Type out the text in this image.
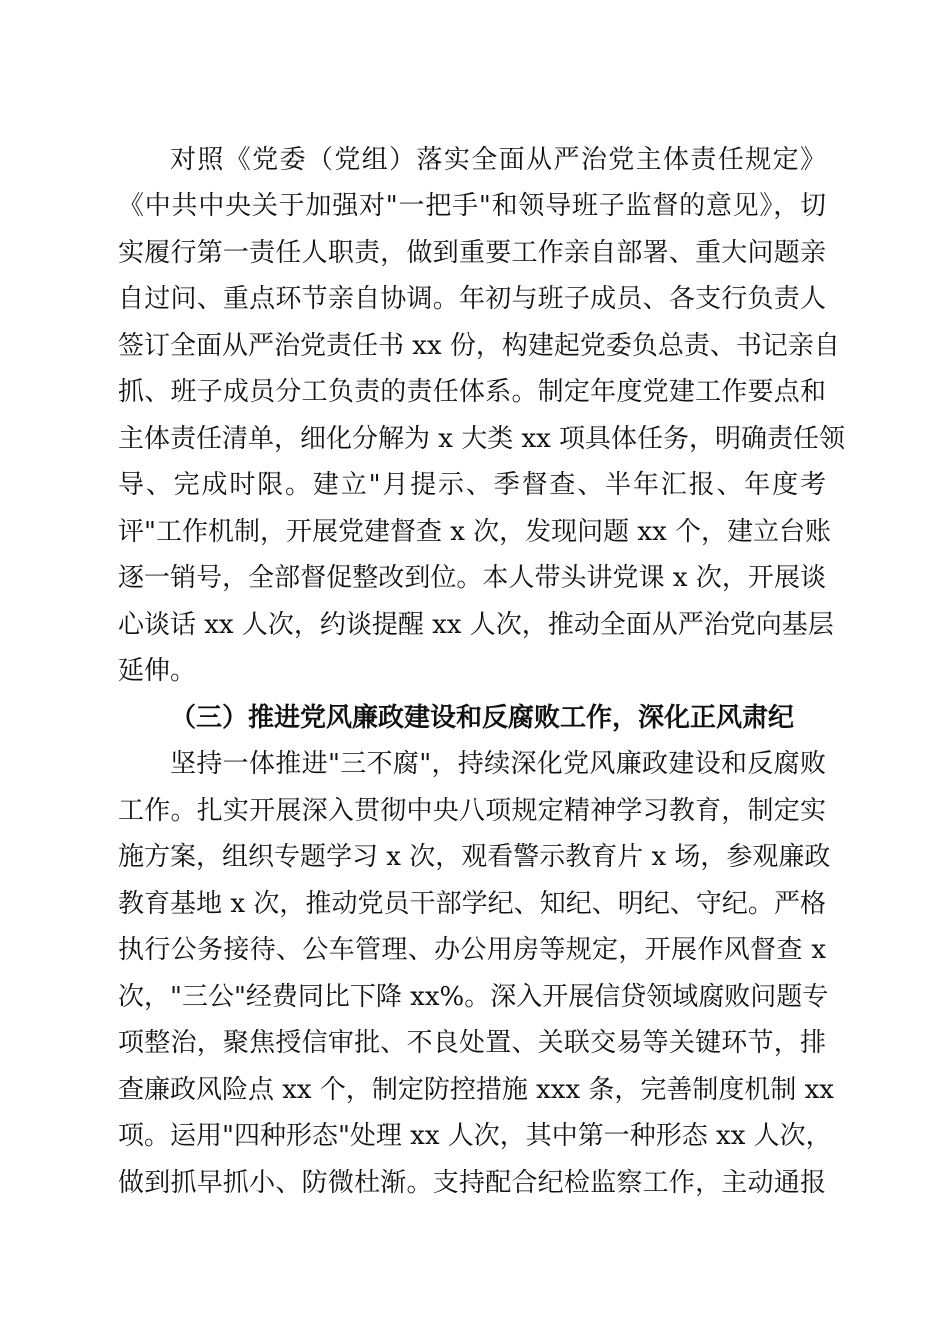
对照《党委（党组）落实全面从严治党主体责任规定》
《中共中央关于加强对"一把手"和领导班子监督的意见》，切
实履行第一责任人职责，做到重要工作亲自部署、重大问题亲
自过问、重点环节亲自协调。年初与班子成员、各支行负责人
签订全面从严治党责任书 xx 份，构建起党委负总责、书记亲自
抓、班子成员分工负责的责任体系。制定年度党建工作要点和
主体责任清单，细化分解为 x 大类 xx 项具体任务，明确责任领
导、完成时限。建立"月提示、季督查、半年汇报、年度考
评"工作机制，开展党建督查 x 次，发现问题 xx 个，建立台账
逐一销号，全部督促整改到位。本人带头讲党课 x 次，开展谈
心谈话 xx 人次，约谈提醒 xx 人次，推动全面从严治党向基层
延伸。
（三）推进党风廉政建设和反腐败工作，深化正风肃纪
坚持一体推进"三不腐"，持续深化党风廉政建设和反腐败
工作。扎实开展深入贯彻中央八项规定精神学习教育，制定实
施方案，组织专题学习 x 次，观看警示教育片 x 场，参观廉政
教育基地 x 次，推动党员干部学纪、知纪、明纪、守纪。严格
执行公务接待、公车管理、办公用房等规定，开展作风督查 x
次，"三公"经费同比下降 xx%。深入开展信贷领域腐败问题专
项整治，聚焦授信审批、不良处置、关联交易等关键环节，排
查廉政风险点 xx 个，制定防控措施 xxx 条，完善制度机制 xx
项。运用"四种形态"处理 xx 人次，其中第一种形态 xx 人次，
做到抓早抓小、防微杜渐。支持配合纪检监察工作，主动通报
